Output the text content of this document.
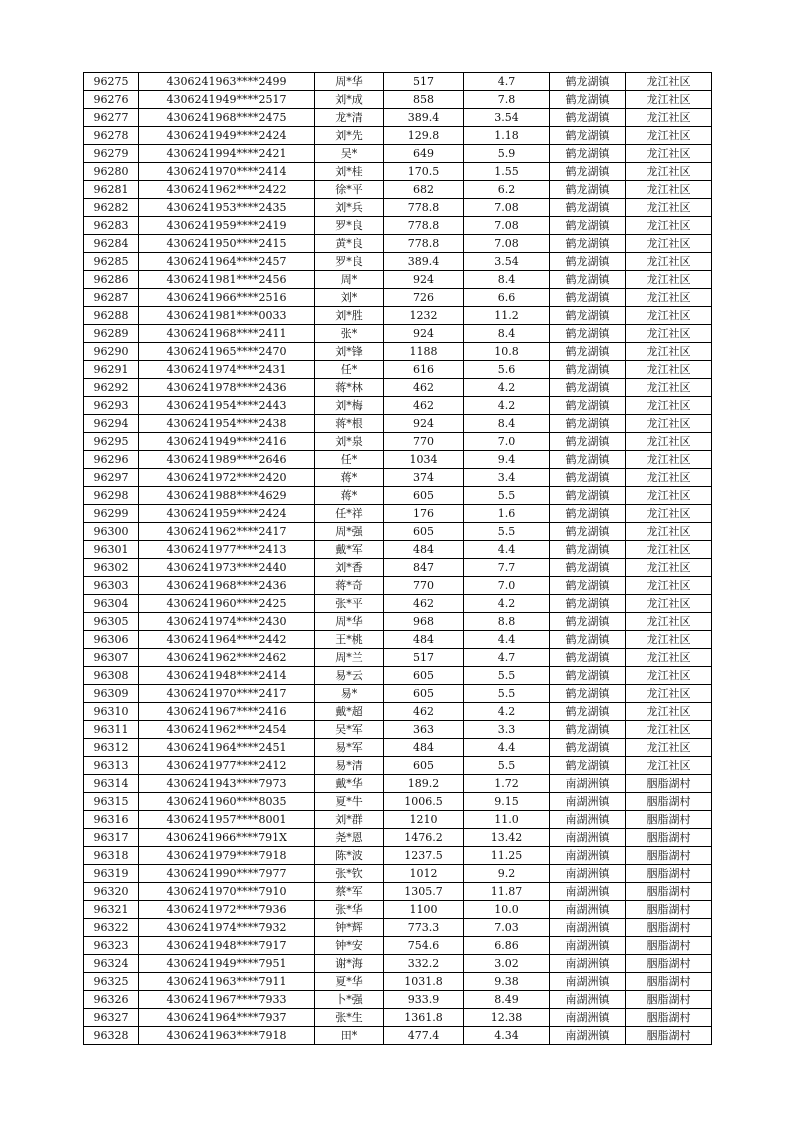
96275	4306241963****2499	周*华	517	4.7	鹤龙湖镇	龙江社区
96276	4306241949****2517	刘*成	858	7.8	鹤龙湖镇	龙江社区
96277	4306241968****2475	龙*清	389.4	3.54	鹤龙湖镇	龙江社区
96278	4306241949****2424	刘*先	129.8	1.18	鹤龙湖镇	龙江社区
96279	4306241994****2421	吴*	649	5.9	鹤龙湖镇	龙江社区
96280	4306241970****2414	刘*桂	170.5	1.55	鹤龙湖镇	龙江社区
96281	4306241962****2422	徐*平	682	6.2	鹤龙湖镇	龙江社区
96282	4306241953****2435	刘*兵	778.8	7.08	鹤龙湖镇	龙江社区
96283	4306241959****2419	罗*良	778.8	7.08	鹤龙湖镇	龙江社区
96284	4306241950****2415	黄*良	778.8	7.08	鹤龙湖镇	龙江社区
96285	4306241964****2457	罗*良	389.4	3.54	鹤龙湖镇	龙江社区
96286	4306241981****2456	周*	924	8.4	鹤龙湖镇	龙江社区
96287	4306241966****2516	刘*	726	6.6	鹤龙湖镇	龙江社区
96288	4306241981****0033	刘*胜	1232	11.2	鹤龙湖镇	龙江社区
96289	4306241968****2411	张*	924	8.4	鹤龙湖镇	龙江社区
96290	4306241965****2470	刘*锋	1188	10.8	鹤龙湖镇	龙江社区
96291	4306241974****2431	任*	616	5.6	鹤龙湖镇	龙江社区
96292	4306241978****2436	蒋*林	462	4.2	鹤龙湖镇	龙江社区
96293	4306241954****2443	刘*梅	462	4.2	鹤龙湖镇	龙江社区
96294	4306241954****2438	蒋*根	924	8.4	鹤龙湖镇	龙江社区
96295	4306241949****2416	刘*泉	770	7.0	鹤龙湖镇	龙江社区
96296	4306241989****2646	任*	1034	9.4	鹤龙湖镇	龙江社区
96297	4306241972****2420	蒋*	374	3.4	鹤龙湖镇	龙江社区
96298	4306241988****4629	蒋*	605	5.5	鹤龙湖镇	龙江社区
96299	4306241959****2424	任*祥	176	1.6	鹤龙湖镇	龙江社区
96300	4306241962****2417	周*强	605	5.5	鹤龙湖镇	龙江社区
96301	4306241977****2413	戴*军	484	4.4	鹤龙湖镇	龙江社区
96302	4306241973****2440	刘*香	847	7.7	鹤龙湖镇	龙江社区
96303	4306241968****2436	蒋*奇	770	7.0	鹤龙湖镇	龙江社区
96304	4306241960****2425	张*平	462	4.2	鹤龙湖镇	龙江社区
96305	4306241974****2430	周*华	968	8.8	鹤龙湖镇	龙江社区
96306	4306241964****2442	王*桃	484	4.4	鹤龙湖镇	龙江社区
96307	4306241962****2462	周*兰	517	4.7	鹤龙湖镇	龙江社区
96308	4306241948****2414	易*云	605	5.5	鹤龙湖镇	龙江社区
96309	4306241970****2417	易*	605	5.5	鹤龙湖镇	龙江社区
96310	4306241967****2416	戴*超	462	4.2	鹤龙湖镇	龙江社区
96311	4306241962****2454	吴*军	363	3.3	鹤龙湖镇	龙江社区
96312	4306241964****2451	易*军	484	4.4	鹤龙湖镇	龙江社区
96313	4306241977****2412	易*清	605	5.5	鹤龙湖镇	龙江社区
96314	4306241943****7973	戴*华	189.2	1.72	南湖洲镇	胭脂湖村
96315	4306241960****8035	夏*牛	1006.5	9.15	南湖洲镇	胭脂湖村
96316	4306241957****8001	刘*群	1210	11.0	南湖洲镇	胭脂湖村
96317	4306241966****791X	尧*恩	1476.2	13.42	南湖洲镇	胭脂湖村
96318	4306241979****7918	陈*波	1237.5	11.25	南湖洲镇	胭脂湖村
96319	4306241990****7977	张*钦	1012	9.2	南湖洲镇	胭脂湖村
96320	4306241970****7910	蔡*军	1305.7	11.87	南湖洲镇	胭脂湖村
96321	4306241972****7936	张*华	1100	10.0	南湖洲镇	胭脂湖村
96322	4306241974****7932	钟*辉	773.3	7.03	南湖洲镇	胭脂湖村
96323	4306241948****7917	钟*安	754.6	6.86	南湖洲镇	胭脂湖村
96324	4306241949****7951	谢*海	332.2	3.02	南湖洲镇	胭脂湖村
96325	4306241963****7911	夏*华	1031.8	9.38	南湖洲镇	胭脂湖村
96326	4306241967****7933	卜*强	933.9	8.49	南湖洲镇	胭脂湖村
96327	4306241964****7937	张*生	1361.8	12.38	南湖洲镇	胭脂湖村
96328	4306241963****7918	田*	477.4	4.34	南湖洲镇	胭脂湖村
